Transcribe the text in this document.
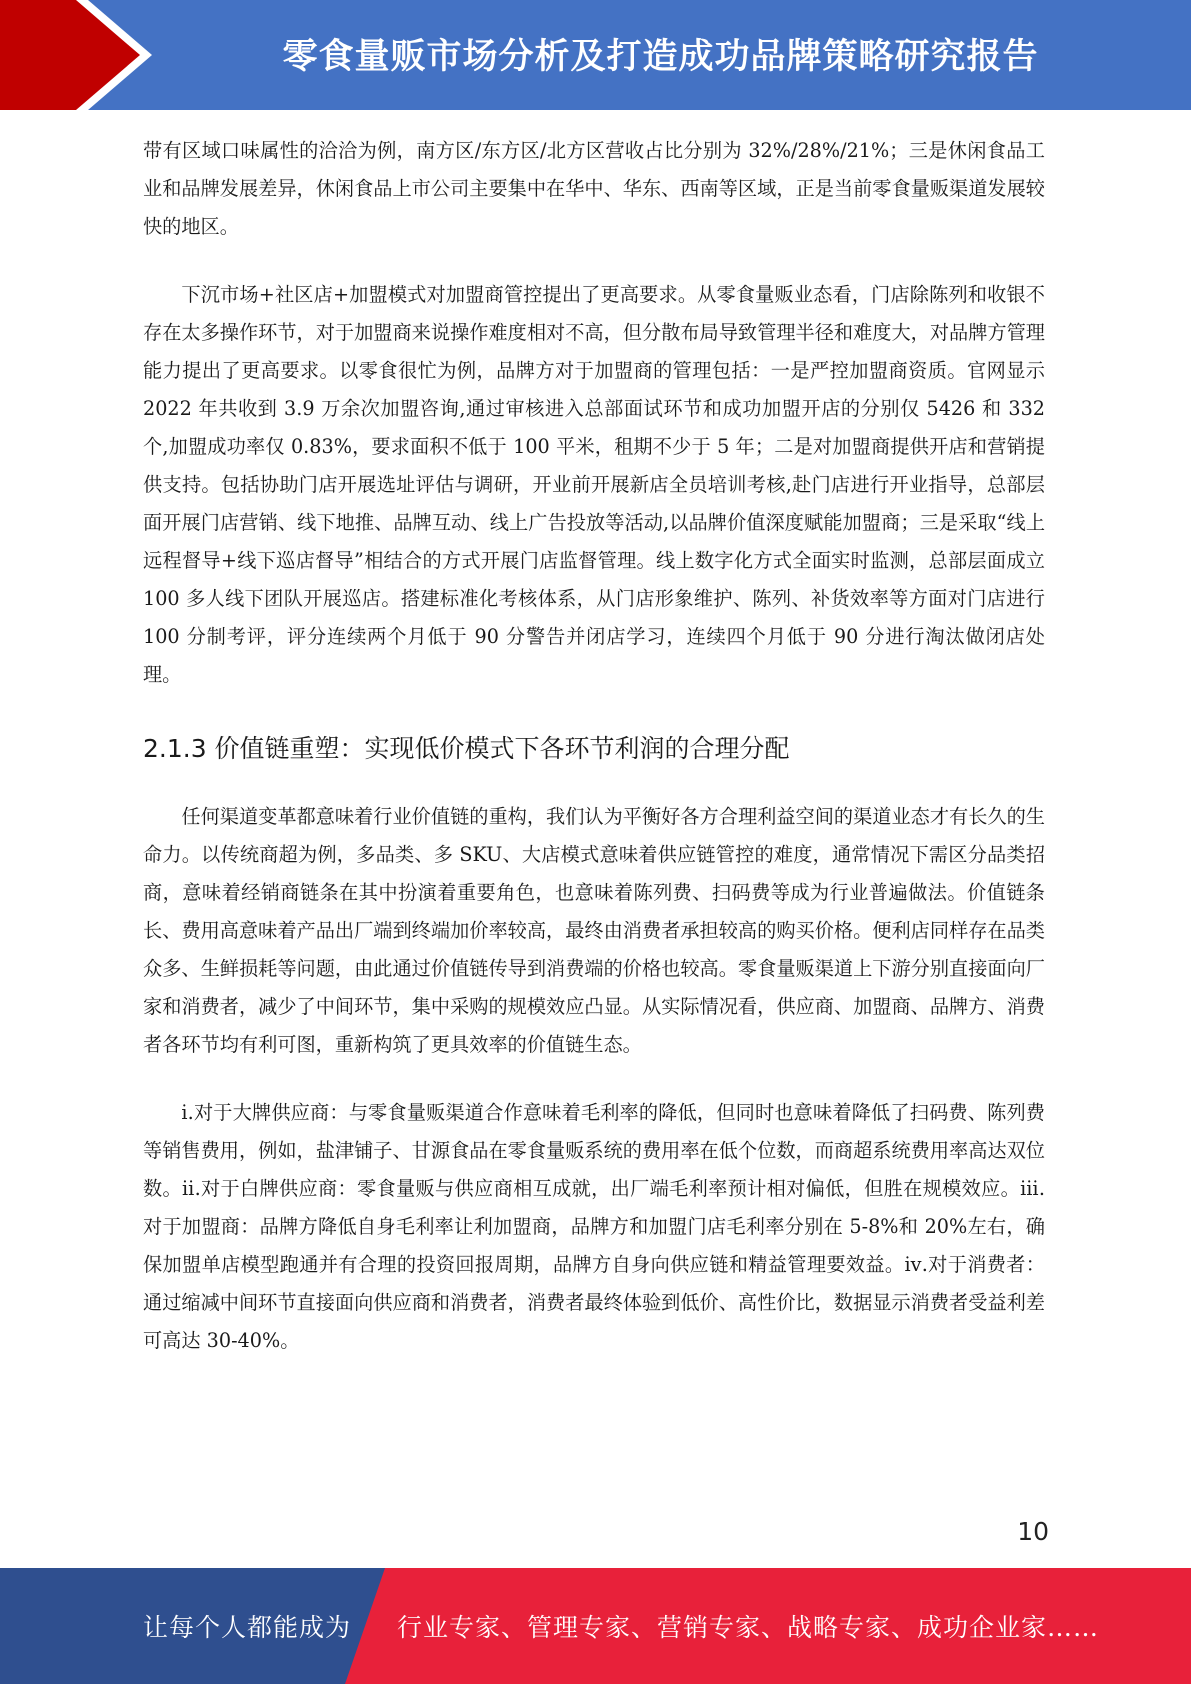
零食量贩市场分析及打造成功品牌策略研究报告

带有区域口味属性的洽洽为例，南方区/东方区/北方区营收占比分别为 32%/28%/21%；三是休闲食品工业和品牌发展差异，休闲食品上市公司主要集中在华中、华东、西南等区域，正是当前零食量贩渠道发展较快的地区。

下沉市场+社区店+加盟模式对加盟商管控提出了更高要求。从零食量贩业态看，门店除陈列和收银不存在太多操作环节，对于加盟商来说操作难度相对不高，但分散布局导致管理半径和难度大，对品牌方管理能力提出了更高要求。以零食很忙为例，品牌方对于加盟商的管理包括：一是严控加盟商资质。官网显示 2022 年共收到 3.9 万余次加盟咨询,通过审核进入总部面试环节和成功加盟开店的分别仅 5426 和 332 个,加盟成功率仅 0.83%，要求面积不低于 100 平米，租期不少于 5 年；二是对加盟商提供开店和营销提供支持。包括协助门店开展选址评估与调研，开业前开展新店全员培训考核,赴门店进行开业指导，总部层面开展门店营销、线下地推、品牌互动、线上广告投放等活动,以品牌价值深度赋能加盟商；三是采取“线上远程督导+线下巡店督导”相结合的方式开展门店监督管理。线上数字化方式全面实时监测，总部层面成立 100 多人线下团队开展巡店。搭建标准化考核体系，从门店形象维护、陈列、补货效率等方面对门店进行 100 分制考评，评分连续两个月低于 90 分警告并闭店学习，连续四个月低于 90 分进行淘汰做闭店处理。

2.1.3 价值链重塑：实现低价模式下各环节利润的合理分配

任何渠道变革都意味着行业价值链的重构，我们认为平衡好各方合理利益空间的渠道业态才有长久的生命力。以传统商超为例，多品类、多 SKU、大店模式意味着供应链管控的难度，通常情况下需区分品类招商，意味着经销商链条在其中扮演着重要角色，也意味着陈列费、扫码费等成为行业普遍做法。价值链条长、费用高意味着产品出厂端到终端加价率较高，最终由消费者承担较高的购买价格。便利店同样存在品类众多、生鲜损耗等问题，由此通过价值链传导到消费端的价格也较高。零食量贩渠道上下游分别直接面向厂家和消费者，减少了中间环节，集中采购的规模效应凸显。从实际情况看，供应商、加盟商、品牌方、消费者各环节均有利可图，重新构筑了更具效率的价值链生态。

ⅰ.对于大牌供应商：与零食量贩渠道合作意味着毛利率的降低，但同时也意味着降低了扫码费、陈列费等销售费用，例如，盐津铺子、甘源食品在零食量贩系统的费用率在低个位数，而商超系统费用率高达双位数。ⅱ.对于白牌供应商：零食量贩与供应商相互成就，出厂端毛利率预计相对偏低，但胜在规模效应。ⅲ.对于加盟商：品牌方降低自身毛利率让利加盟商，品牌方和加盟门店毛利率分别在 5-8%和 20%左右，确保加盟单店模型跑通并有合理的投资回报周期，品牌方自身向供应链和精益管理要效益。ⅳ.对于消费者：通过缩减中间环节直接面向供应商和消费者，消费者最终体验到低价、高性价比，数据显示消费者受益利差可高达 30-40%。

10
让每个人都能成为 行业专家、管理专家、营销专家、战略专家、成功企业家……
